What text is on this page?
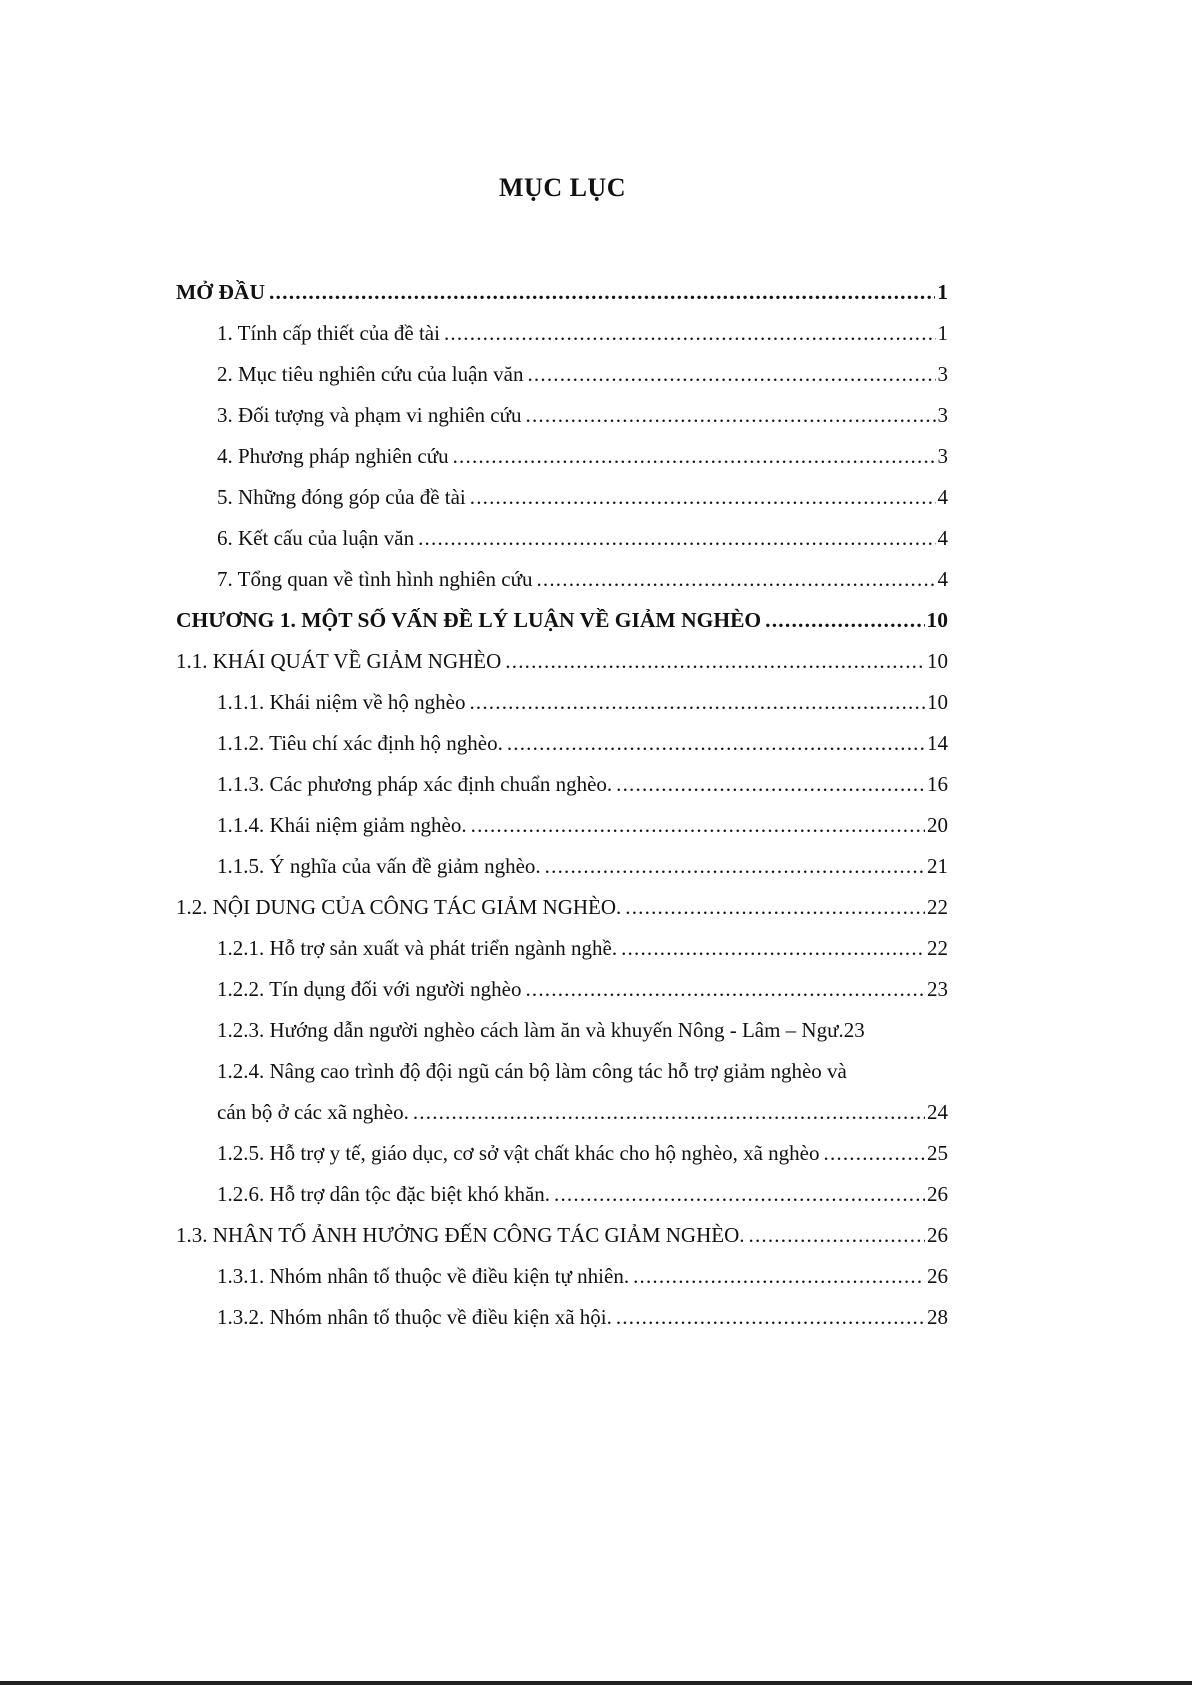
MỤC LỤC
MỞ ĐẦU .....	1
1. Tính cấp thiết của đề tài .....	1
2. Mục tiêu nghiên cứu của luận văn .....	3
3. Đối tượng và phạm vi nghiên cứu .....	3
4. Phương pháp nghiên cứu .....	3
5. Những đóng góp của đề tài .....	4
6. Kết cấu của luận văn .....	4
7. Tổng quan về tình hình nghiên cứu .....	4
CHƯƠNG 1. MỘT SỐ VẤN ĐỀ LÝ LUẬN VỀ GIẢM NGHÈO .....	10
1.1. KHÁI QUÁT VỀ GIẢM NGHÈO .....	10
1.1.1. Khái niệm về hộ nghèo .....	10
1.1.2. Tiêu chí xác định hộ nghèo. .....	14
1.1.3. Các phương pháp xác định chuẩn nghèo. .....	16
1.1.4. Khái niệm giảm nghèo. .....	20
1.1.5. Ý nghĩa của vấn đề giảm nghèo. .....	21
1.2. NỘI DUNG CỦA CÔNG TÁC GIẢM NGHÈO. .....	22
1.2.1. Hỗ trợ sản xuất và phát triển ngành nghề. .....	22
1.2.2. Tín dụng đối với người nghèo .....	23
1.2.3. Hướng dẫn người nghèo cách làm ăn và khuyến Nông - Lâm – Ngư. 23
1.2.4. Nâng cao trình độ đội ngũ cán bộ làm công tác hỗ trợ giảm nghèo và
cán bộ ở các xã nghèo. .....	24
1.2.5. Hỗ trợ y tế, giáo dục, cơ sở vật chất khác cho hộ nghèo, xã nghèo .....	25
1.2.6. Hỗ trợ dân tộc đặc biệt khó khăn. .....	26
1.3. NHÂN TỐ ẢNH HƯỞNG ĐẾN CÔNG TÁC GIẢM NGHÈO. .....	26
1.3.1. Nhóm nhân tố thuộc về điều kiện tự nhiên. .....	26
1.3.2. Nhóm nhân tố thuộc về điều kiện xã hội. .....	28
